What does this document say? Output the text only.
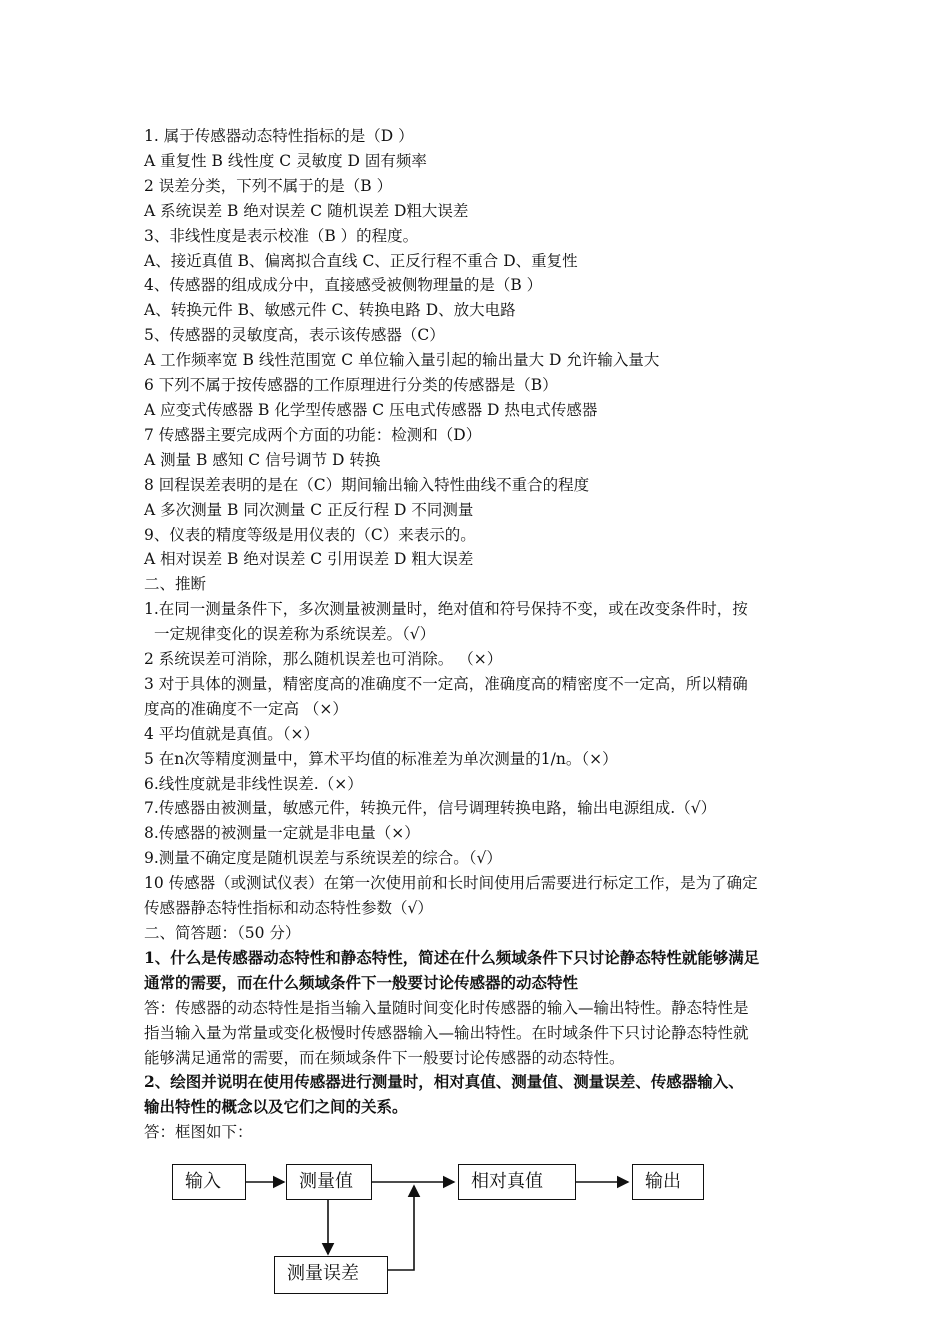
1. 属于传感器动态特性指标的是（D ）
A 重复性 B 线性度 C 灵敏度 D 固有频率
2 误差分类，下列不属于的是（B ）
A 系统误差 B 绝对误差 C 随机误差 D粗大误差
3、非线性度是表示校准（B ）的程度。
A、接近真值 B、偏离拟合直线 C、正反行程不重合 D、重复性
4、传感器的组成成分中，直接感受被侧物理量的是（B ）
A、转换元件 B、敏感元件 C、转换电路 D、放大电路
5、传感器的灵敏度高，表示该传感器（C）
A 工作频率宽 B 线性范围宽 C 单位输入量引起的输出量大 D 允许输入量大
6 下列不属于按传感器的工作原理进行分类的传感器是（B）
A 应变式传感器 B 化学型传感器 C 压电式传感器 D 热电式传感器
7 传感器主要完成两个方面的功能：检测和（D）
A 测量 B 感知 C 信号调节 D 转换
8 回程误差表明的是在（C）期间输出输入特性曲线不重合的程度
A 多次测量 B 同次测量 C 正反行程 D 不同测量
9、仪表的精度等级是用仪表的（C）来表示的。
A 相对误差 B 绝对误差 C 引用误差 D 粗大误差
二、推断
1.在同一测量条件下，多次测量被测量时，绝对值和符号保持不变，或在改变条件时，按
一定规律变化的误差称为系统误差。（√）
2 系统误差可消除，那么随机误差也可消除。 （×）
3 对于具体的测量，精密度高的准确度不一定高，准确度高的精密度不一定高，所以精确
度高的准确度不一定高 （×）
4 平均值就是真值。（×）
5 在n次等精度测量中，算术平均值的标准差为单次测量的1/n。（×）
6.线性度就是非线性误差.（×）
7.传感器由被测量，敏感元件，转换元件，信号调理转换电路，输出电源组成.（√）
8.传感器的被测量一定就是非电量（×）
9.测量不确定度是随机误差与系统误差的综合。（√）
10 传感器（或测试仪表）在第一次使用前和长时间使用后需要进行标定工作，是为了确定
传感器静态特性指标和动态特性参数（√）
二、简答题：（50 分）
1、什么是传感器动态特性和静态特性，简述在什么频域条件下只讨论静态特性就能够满足
通常的需要，而在什么频域条件下一般要讨论传感器的动态特性
答：传感器的动态特性是指当输入量随时间变化时传感器的输入—输出特性。静态特性是
指当输入量为常量或变化极慢时传感器输入—输出特性。在时域条件下只讨论静态特性就
能够满足通常的需要，而在频域条件下一般要讨论传感器的动态特性。
2、绘图并说明在使用传感器进行测量时，相对真值、测量值、测量误差、传感器输入、
输出特性的概念以及它们之间的关系。
答：框图如下：
输入	测量值	相对真值	输出
测量误差
